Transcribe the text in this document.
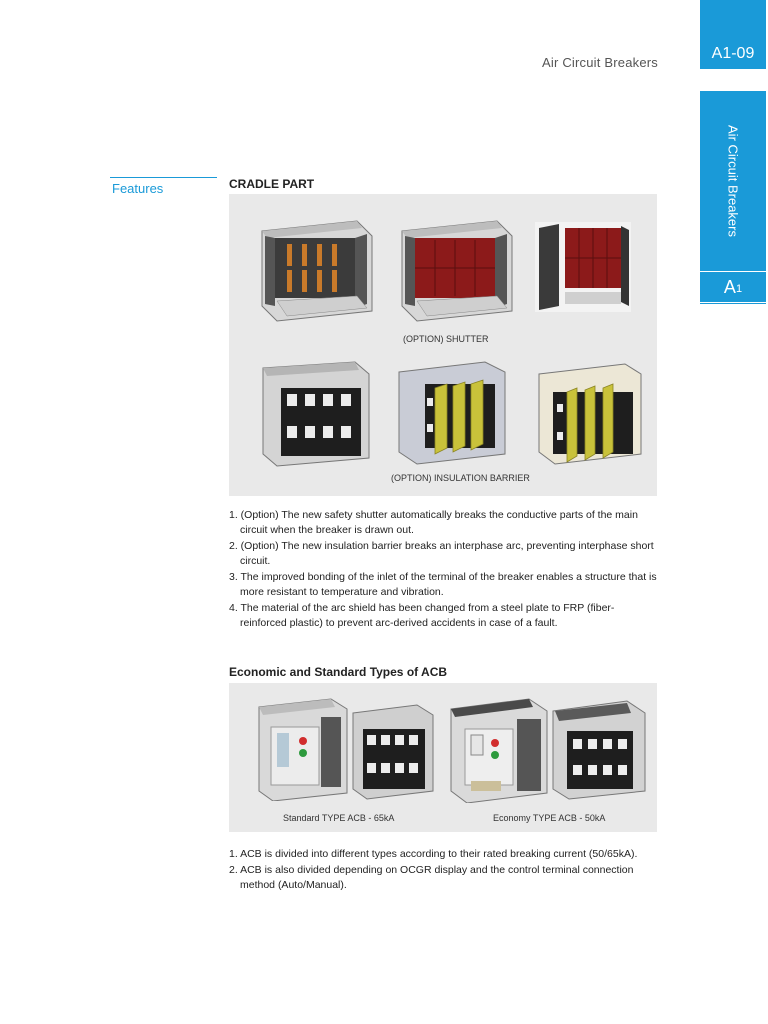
Air Circuit Breakers
A1-09
Air Circuit Breakers
A 1
Features	CRADLE PART
(OPTION) SHUTTER
(OPTION) INSULATION BARRIER
1. (Option) The new safety shutter automatically breaks the conductive parts of the main circuit when the breaker is drawn out.
2. (Option) The new insulation barrier breaks an interphase arc, preventing interphase short circuit.
3. The improved bonding of the inlet of the terminal of the breaker enables a structure that is more resistant to temperature and vibration.
4. The material of the arc shield has been changed from a steel plate to FRP (fiber-reinforced plastic) to prevent arc-derived accidents in case of a fault.
Economic and Standard Types of ACB
Standard TYPE ACB - 65kA	Economy TYPE ACB - 50kA
1. ACB is divided into different types according to their rated breaking current (50/65kA).
2. ACB is also divided depending on OCGR display and the control terminal connection method (Auto/Manual).
